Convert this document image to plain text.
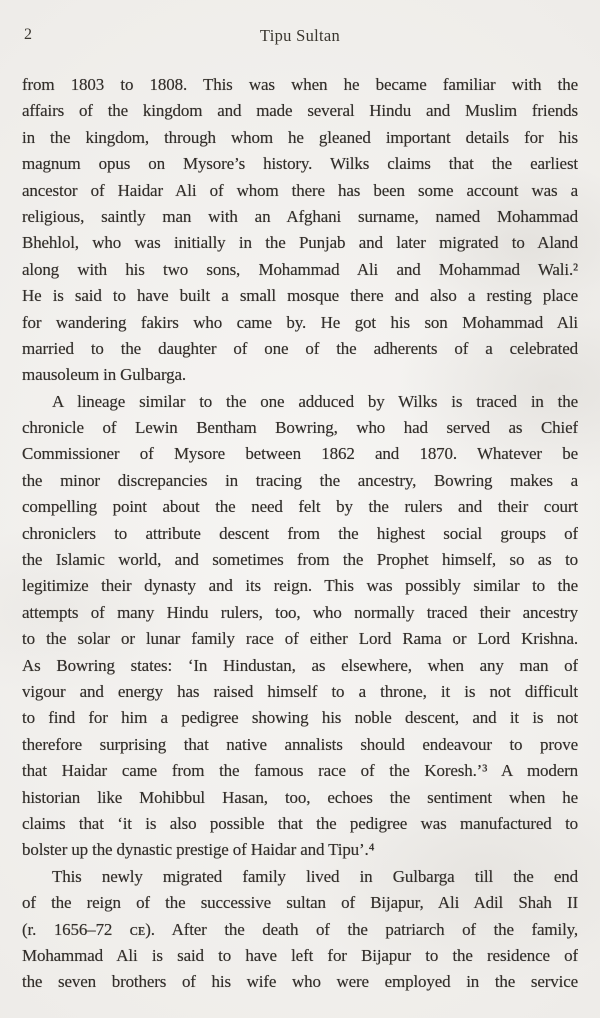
2	Tipu Sultan
from 1803 to 1808. This was when he became familiar with the
affairs of the kingdom and made several Hindu and Muslim friends
in the kingdom, through whom he gleaned important details for his
magnum opus on Mysore’s history. Wilks claims that the earliest
ancestor of Haidar Ali of whom there has been some account was a
religious, saintly man with an Afghani surname, named Mohammad
Bhehlol, who was initially in the Punjab and later migrated to Aland
along with his two sons, Mohammad Ali and Mohammad Wali.²
He is said to have built a small mosque there and also a resting place
for wandering fakirs who came by. He got his son Mohammad Ali
married to the daughter of one of the adherents of a celebrated
mausoleum in Gulbarga.
A lineage similar to the one adduced by Wilks is traced in the
chronicle of Lewin Bentham Bowring, who had served as Chief
Commissioner of Mysore between 1862 and 1870. Whatever be
the minor discrepancies in tracing the ancestry, Bowring makes a
compelling point about the need felt by the rulers and their court
chroniclers to attribute descent from the highest social groups of
the Islamic world, and sometimes from the Prophet himself, so as to
legitimize their dynasty and its reign. This was possibly similar to the
attempts of many Hindu rulers, too, who normally traced their ancestry
to the solar or lunar family race of either Lord Rama or Lord Krishna.
As Bowring states: ‘In Hindustan, as elsewhere, when any man of
vigour and energy has raised himself to a throne, it is not difficult
to find for him a pedigree showing his noble descent, and it is not
therefore surprising that native annalists should endeavour to prove
that Haidar came from the famous race of the Koresh.’³ A modern
historian like Mohibbul Hasan, too, echoes the sentiment when he
claims that ‘it is also possible that the pedigree was manufactured to
bolster up the dynastic prestige of Haidar and Tipu’.⁴
This newly migrated family lived in Gulbarga till the end
of the reign of the successive sultan of Bijapur, Ali Adil Shah II
(r. 1656–72 ᴄᴇ). After the death of the patriarch of the family,
Mohammad Ali is said to have left for Bijapur to the residence of
the seven brothers of his wife who were employed in the service
